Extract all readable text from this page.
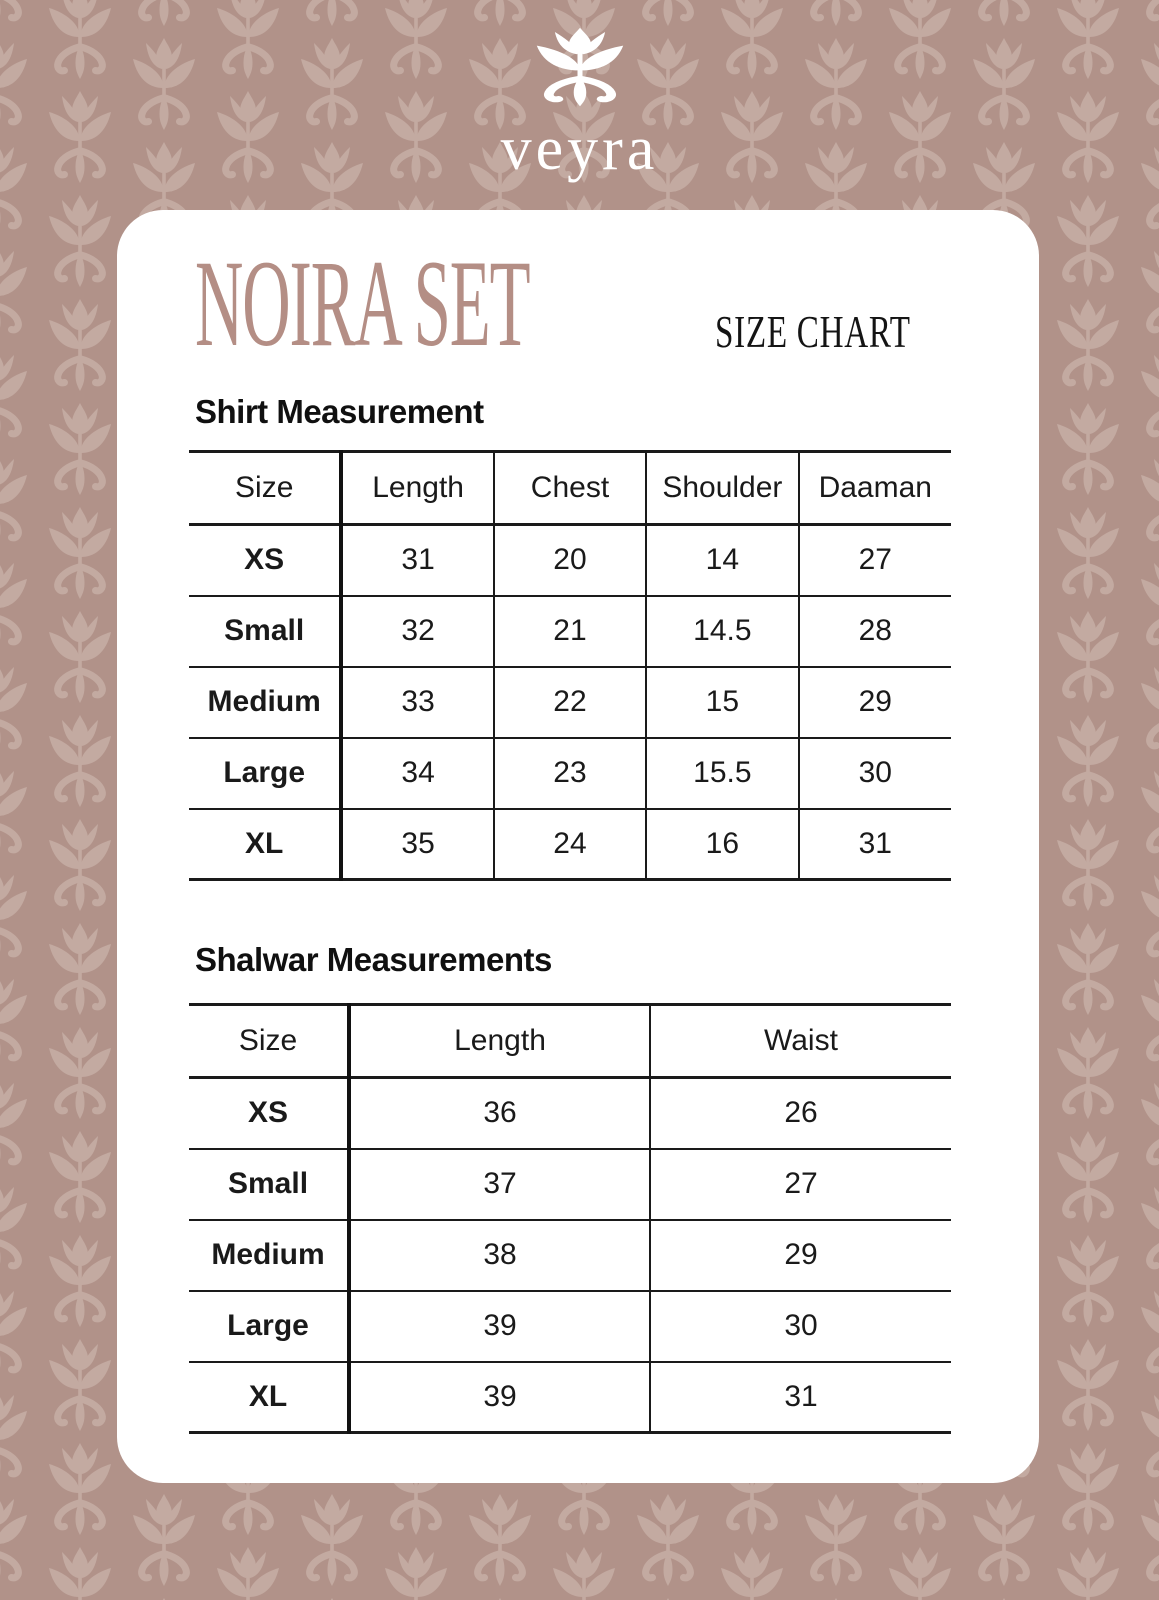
veyra
NOIRA SET	SIZE CHART
Shirt Measurement
Size	Length	Chest	Shoulder	Daaman
XS	31	20	14	27
Small	32	21	14.5	28
Medium	33	22	15	29
Large	34	23	15.5	30
XL	35	24	16	31
Shalwar Measurements
Size	Length	Waist
XS	36	26
Small	37	27
Medium	38	29
Large	39	30
XL	39	31
